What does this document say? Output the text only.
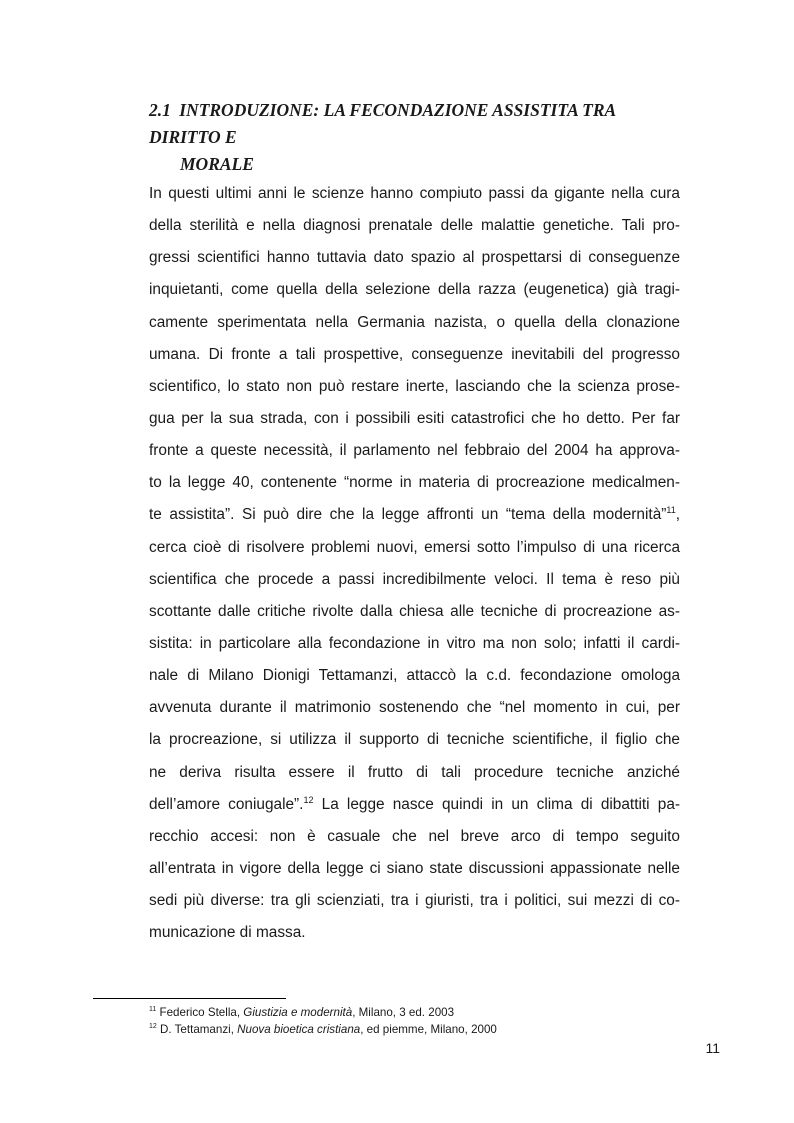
2.1 INTRODUZIONE: LA FECONDAZIONE ASSISTITA TRA DIRITTO E
MORALE
In questi ultimi anni le scienze hanno compiuto passi da gigante nella cura
della sterilità e nella diagnosi prenatale delle malattie genetiche. Tali pro-
gressi scientifici hanno tuttavia dato spazio al prospettarsi di conseguenze
inquietanti, come quella della selezione della razza (eugenetica) già tragi-
camente sperimentata nella Germania nazista, o quella della clonazione
umana. Di fronte a tali prospettive, conseguenze inevitabili del progresso
scientifico, lo stato non può restare inerte, lasciando che la scienza prose-
gua per la sua strada, con i possibili esiti catastrofici che ho detto. Per far
fronte a queste necessità, il parlamento nel febbraio del 2004 ha approva-
to la legge 40, contenente “norme in materia di procreazione medicalmen-
te assistita”. Si può dire che la legge affronti un “tema della modernità”$^{11}$,
cerca cioè di risolvere problemi nuovi, emersi sotto l’impulso di una ricerca
scientifica che procede a passi incredibilmente veloci. Il tema è reso più
scottante dalle critiche rivolte dalla chiesa alle tecniche di procreazione as-
sistita: in particolare alla fecondazione in vitro ma non solo; infatti il cardi-
nale di Milano Dionigi Tettamanzi, attaccò la c.d. fecondazione omologa
avvenuta durante il matrimonio sostenendo che “nel momento in cui, per
la procreazione, si utilizza il supporto di tecniche scientifiche, il figlio che
ne deriva risulta essere il frutto di tali procedure tecniche anziché
dell’amore coniugale”.$^{12}$ La legge nasce quindi in un clima di dibattiti pa-
recchio accesi: non è casuale che nel breve arco di tempo seguito
all’entrata in vigore della legge ci siano state discussioni appassionate nelle
sedi più diverse: tra gli scienziati, tra i giuristi, tra i politici, sui mezzi di co-
municazione di massa.
$^{11}$ Federico Stella, Giustizia e modernità, Milano, 3 ed. 2003
$^{12}$ D. Tettamanzi, Nuova bioetica cristiana, ed piemme, Milano, 2000
11
